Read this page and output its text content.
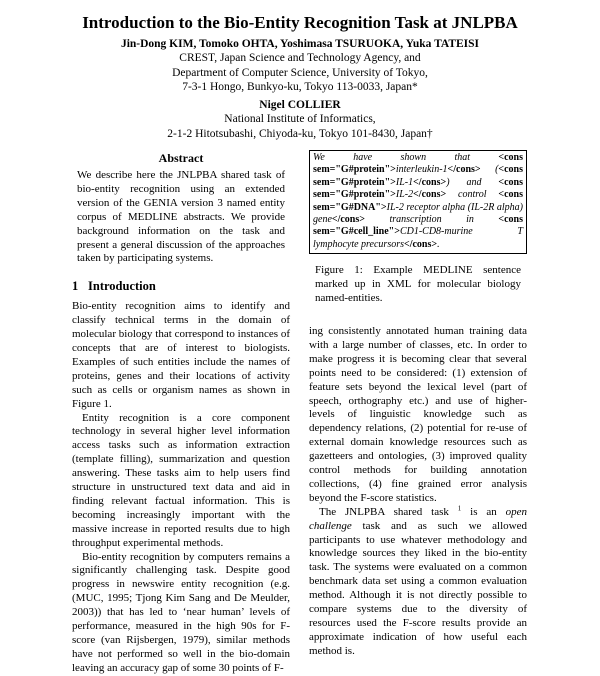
Introduction to the Bio-Entity Recognition Task at JNLPBA
Jin-Dong KIM, Tomoko OHTA, Yoshimasa TSURUOKA, Yuka TATEISI
CREST, Japan Science and Technology Agency, and
Department of Computer Science, University of Tokyo,
7-3-1 Hongo, Bunkyo-ku, Tokyo 113-0033, Japan*
Nigel COLLIER
National Institute of Informatics,
2-1-2 Hitotsubashi, Chiyoda-ku, Tokyo 101-8430, Japan†
Abstract

We describe here the JNLPBA shared task of bio-entity recognition using an extended version of the GENIA version 3 named entity corpus of MEDLINE abstracts. We provide background information on the task and present a general discussion of the approaches taken by participating systems.

1 Introduction

Bio-entity recognition aims to identify and classify technical terms in the domain of molecular biology that correspond to instances of concepts that are of interest to biologists. Examples of such entities include the names of proteins, genes and their locations of activity such as cells or organism names as shown in Figure 1.

Entity recognition is a core component technology in several higher level information access tasks such as information extraction (template filling), summarization and question answering. These tasks aim to help users find structure in unstructured text data and aid in finding relevant factual information. This is becoming increasingly important with the massive increase in reported results due to high throughput experimental methods.

Bio-entity recognition by computers remains a significantly challenging task. Despite good progress in newswire entity recognition (e.g. (MUC, 1995; Tjong Kim Sang and De Meulder, 2003)) that has led to ‘near human’ levels of performance, measured in the high 90s for F-score (van Rijsbergen, 1979), similar methods have not performed so well in the bio-domain leaving an accuracy gap of some 30 points of F-

We have shown that <cons sem="G#protein">interleukin-1</cons> (<cons sem="G#protein">IL-1</cons>) and <cons sem="G#protein">IL-2</cons> control <cons sem="G#DNA">IL-2 receptor alpha (IL-2R alpha) gene</cons> transcription in <cons sem="G#cell_line">CD1-CD8-murine T lymphocyte precursors</cons>.

Figure 1: Example MEDLINE sentence marked up in XML for molecular biology named-entities.

ing consistently annotated human training data with a large number of classes, etc. In order to make progress it is becoming clear that several points need to be considered: (1) extension of feature sets beyond the lexical level (part of speech, orthography etc.) and use of higher-levels of linguistic knowledge such as dependency relations, (2) potential for re-use of external domain knowledge resources such as gazetteers and ontologies, (3) improved quality control methods for building annotation collections, (4) fine grained error analysis beyond the F-score statistics.

The JNLPBA shared task $^1$ is an open challenge task and as such we allowed participants to use whatever methodology and knowledge sources they liked in the bio-entity task. The systems were evaluated on a common benchmark data set using a common evaluation method. Although it is not directly possible to compare systems due to the diversity of resources used the F-score results provide an approximate indication of how useful each method is.
